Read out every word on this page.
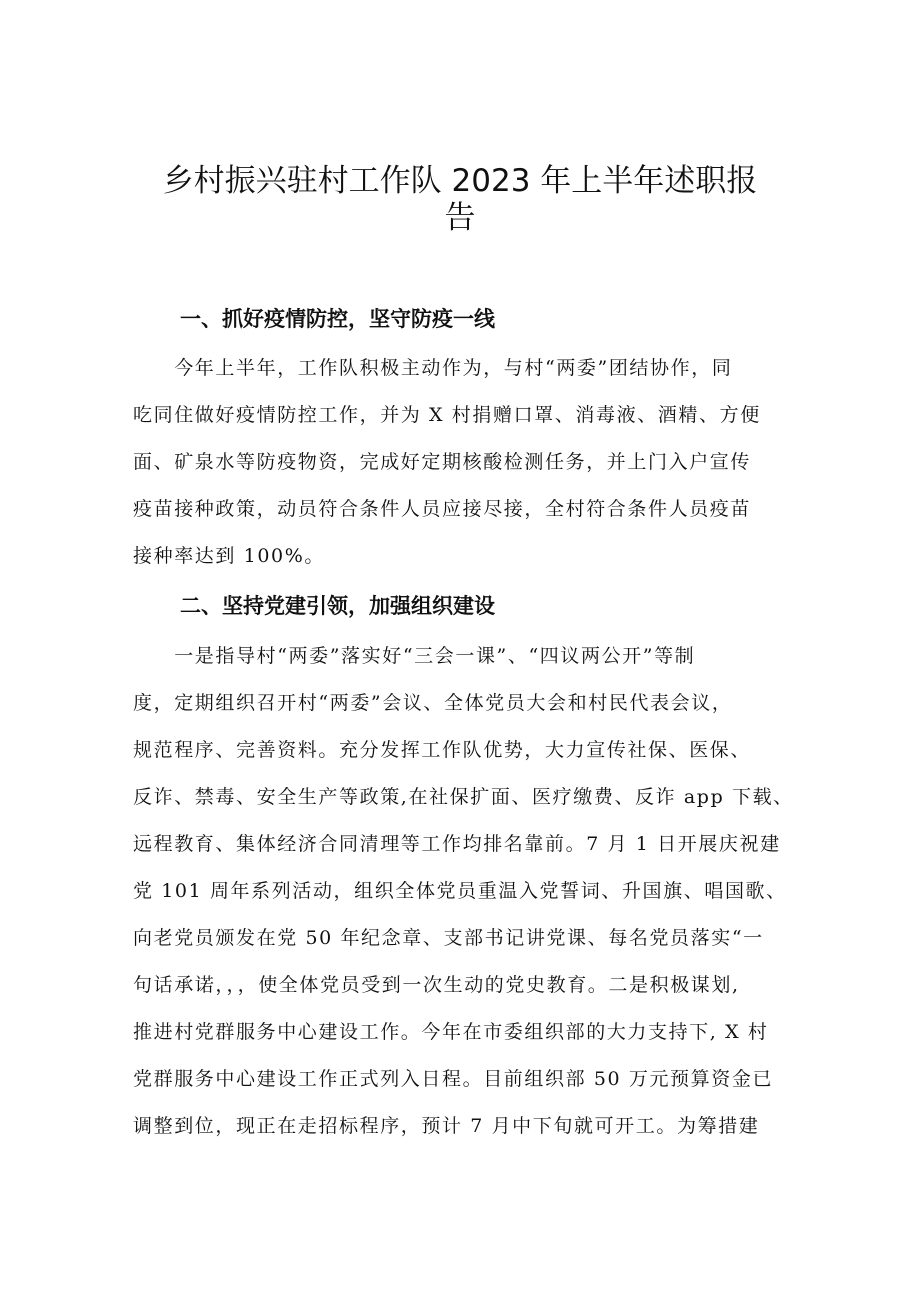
乡村振兴驻村工作队 2023 年上半年述职报
告
一、抓好疫情防控，坚守防疫一线
　　今年上半年，工作队积极主动作为，与村“两委”团结协作，同
吃同住做好疫情防控工作，并为 X 村捐赠口罩、消毒液、酒精、方便
面、矿泉水等防疫物资，完成好定期核酸检测任务，并上门入户宣传
疫苗接种政策，动员符合条件人员应接尽接，全村符合条件人员疫苗
接种率达到 100%。
二、坚持党建引领，加强组织建设
　　一是指导村“两委”落实好“三会一课”、“四议两公开”等制
度，定期组织召开村“两委”会议、全体党员大会和村民代表会议，
规范程序、完善资料。充分发挥工作队优势，大力宣传社保、医保、
反诈、禁毒、安全生产等政策,在社保扩面、医疗缴费、反诈 app 下载、
远程教育、集体经济合同清理等工作均排名靠前。7 月 1 日开展庆祝建
党 101 周年系列活动，组织全体党员重温入党誓词、升国旗、唱国歌、
向老党员颁发在党 50 年纪念章、支部书记讲党课、每名党员落实“一
句话承诺，，，使全体党员受到一次生动的党史教育。二是积极谋划,
推进村党群服务中心建设工作。今年在市委组织部的大力支持下, X 村
党群服务中心建设工作正式列入日程。目前组织部 50 万元预算资金已
调整到位，现正在走招标程序，预计 7 月中下旬就可开工。为筹措建
